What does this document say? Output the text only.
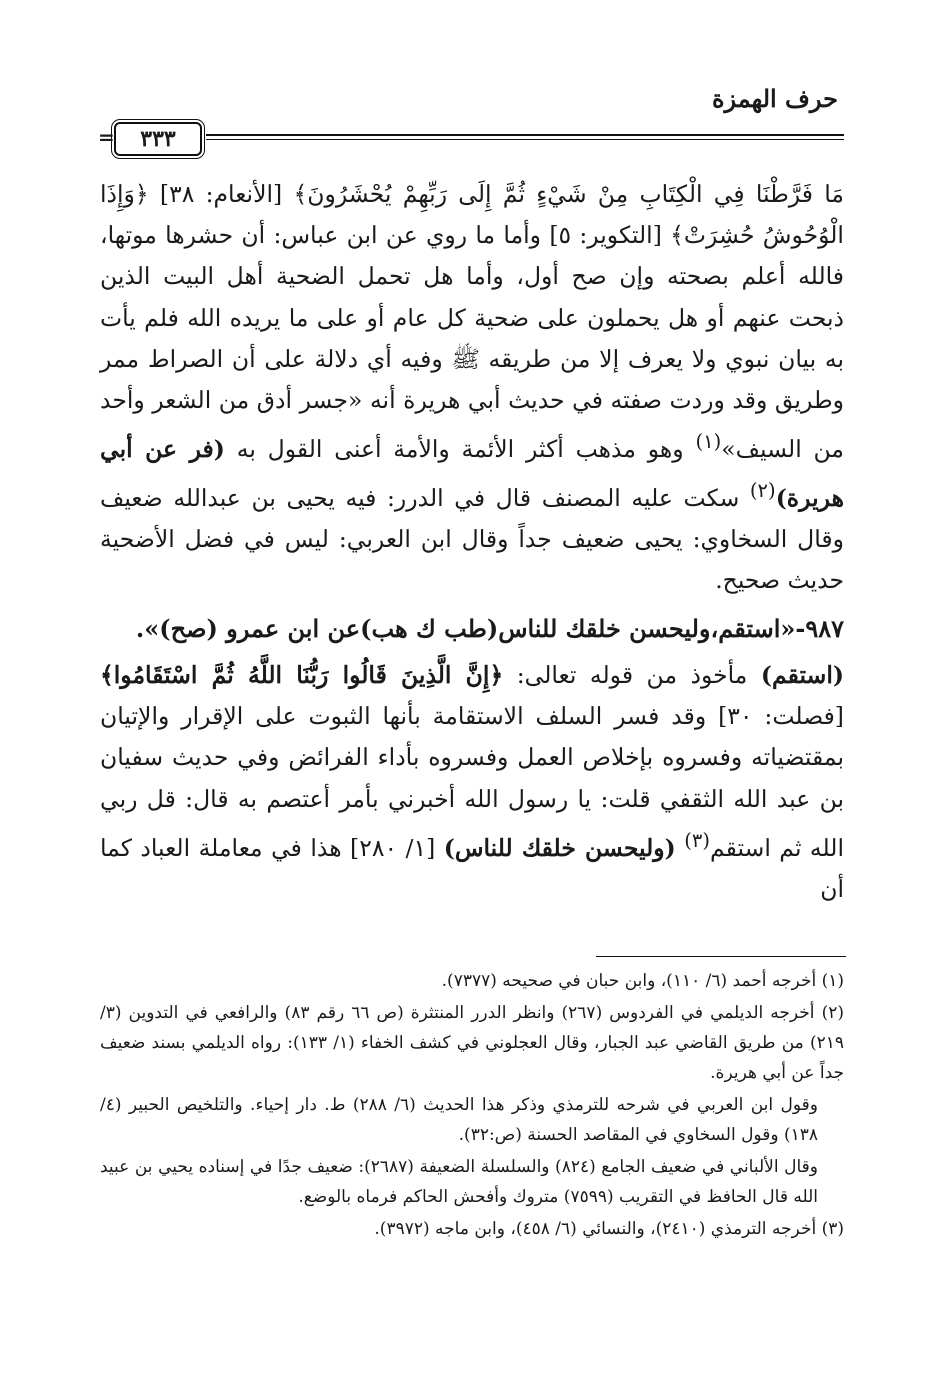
حرف الهمزة
٣٣٣
=

مَا فَرَّطْنَا فِي الْكِتَابِ مِنْ شَيْءٍ ثُمَّ إِلَى رَبِّهِمْ يُحْشَرُونَ﴾ [الأنعام: ٣٨] ﴿وَإِذَا الْوُحُوشُ حُشِرَتْ﴾ [التكوير: ٥] وأما ما روي عن ابن عباس: أن حشرها موتها، فالله أعلم بصحته وإن صح أول، وأما هل تحمل الضحية أهل البيت الذين ذبحت عنهم أو هل يحملون على ضحية كل عام أو على ما يريده الله فلم يأت به بيان نبوي ولا يعرف إلا من طريقه ﷺ وفيه أي دلالة على أن الصراط ممر وطريق وقد وردت صفته في حديث أبي هريرة أنه «جسر أدق من الشعر وأحد من السيف»$^{(١)}$ وهو مذهب أكثر الأئمة والأمة أعنى القول به (فر عن أبي هريرة)$^{(٢)}$ سكت عليه المصنف قال في الدرر: فيه يحيى بن عبدالله ضعيف وقال السخاوي: يحيى ضعيف جداً وقال ابن العربي: ليس في فضل الأضحية حديث صحيح.

٩٨٧-«استقم،وليحسن خلقك للناس(طب ك هب)عن ابن عمرو (صح)».

(استقم) مأخوذ من قوله تعالى: ﴿إِنَّ الَّذِينَ قَالُوا رَبُّنَا اللَّهُ ثُمَّ اسْتَقَامُوا﴾ [فصلت: ٣٠] وقد فسر السلف الاستقامة بأنها الثبوت على الإقرار والإتيان بمقتضياته وفسروه بإخلاص العمل وفسروه بأداء الفرائض وفي حديث سفيان بن عبد الله الثقفي قلت: يا رسول الله أخبرني بأمر أعتصم به قال: قل ربي الله ثم استقم$^{(٣)}$ (وليحسن خلقك للناس) [١/ ٢٨٠] هذا في معاملة العباد كما أن

(١) أخرجه أحمد (٦/ ١١٠)، وابن حبان في صحيحه (٧٣٧٧).

(٢) أخرجه الديلمي في الفردوس (٢٦٧) وانظر الدرر المنتثرة (ص ٦٦ رقم ٨٣) والرافعي في التدوين (٣/ ٢١٩) من طريق القاضي عبد الجبار، وقال العجلوني في كشف الخفاء (١/ ١٣٣): رواه الديلمي بسند ضعيف جداً عن أبي هريرة.

وقول ابن العربي في شرحه للترمذي وذكر هذا الحديث (٦/ ٢٨٨) ط. دار إحياء. والتلخيص الحبير (٤/ ١٣٨) وقول السخاوي في المقاصد الحسنة (ص:٣٢).

وقال الألباني في ضعيف الجامع (٨٢٤) والسلسلة الضعيفة (٢٦٨٧): ضعيف جدًا في إسناده يحيي بن عبيد الله قال الحافظ في التقريب (٧٥٩٩) متروك وأفحش الحاكم فرماه بالوضع.

(٣) أخرجه الترمذي (٢٤١٠)، والنسائي (٦/ ٤٥٨)، وابن ماجه (٣٩٧٢).
